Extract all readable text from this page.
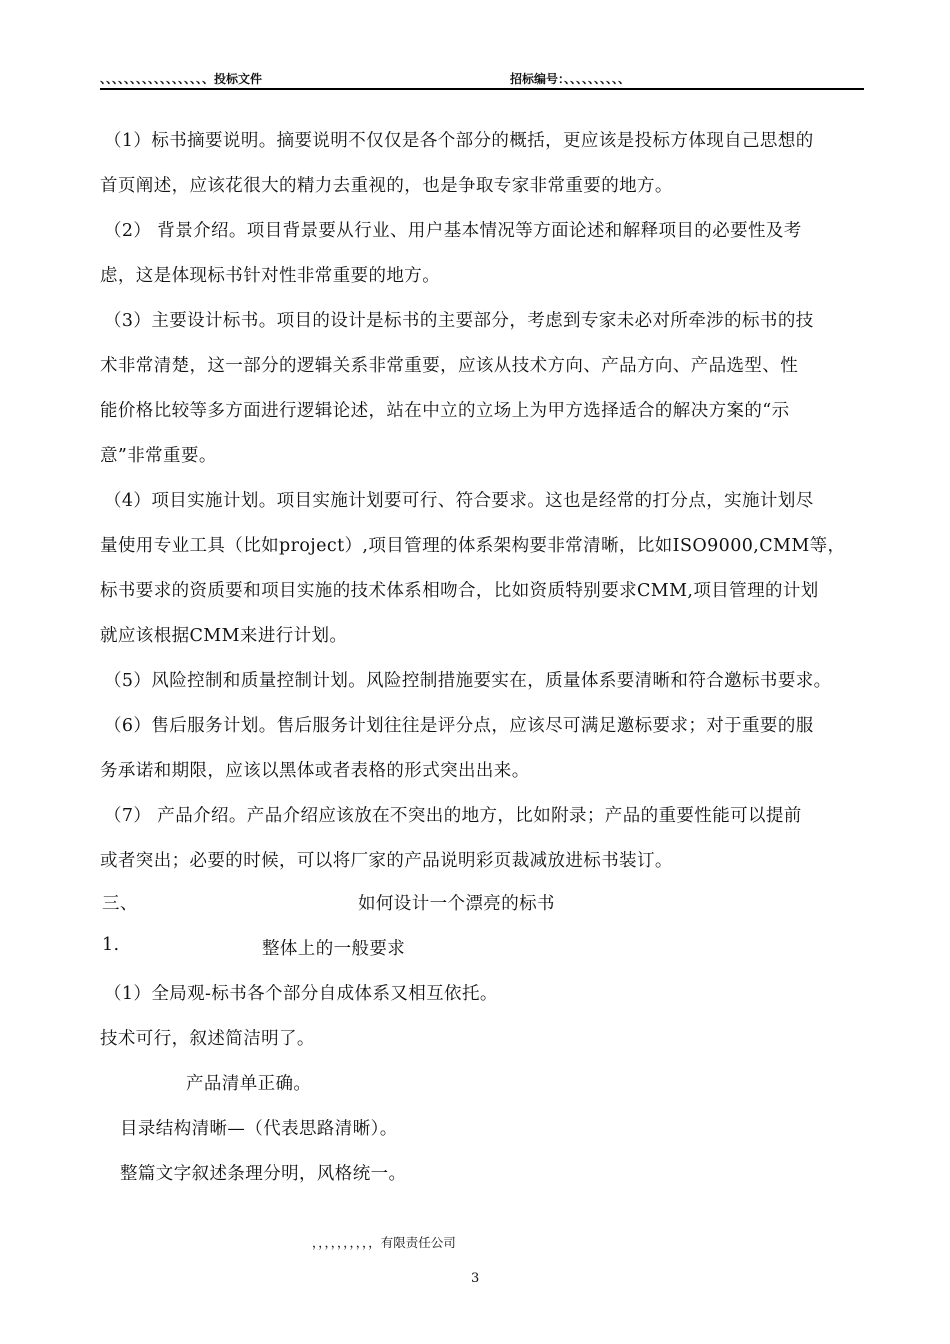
、、、、、、、、、、、、、、、、、、投标文件	招标编号：、、、、、、、、、、
（1）标书摘要说明。摘要说明不仅仅是各个部分的概括，更应该是投标方体现自己思想的
首页阐述，应该花很大的精力去重视的，也是争取专家非常重要的地方。
（2） 背景介绍。项目背景要从行业、用户基本情况等方面论述和解释项目的必要性及考
虑，这是体现标书针对性非常重要的地方。
（3）主要设计标书。项目的设计是标书的主要部分，考虑到专家未必对所牵涉的标书的技
术非常清楚，这一部分的逻辑关系非常重要，应该从技术方向、产品方向、产品选型、性
能价格比较等多方面进行逻辑论述，站在中立的立场上为甲方选择适合的解决方案的“示
意”非常重要。
（4）项目实施计划。项目实施计划要可行、符合要求。这也是经常的打分点，实施计划尽
量使用专业工具（比如project）,项目管理的体系架构要非常清晰，比如ISO9000,CMM等，
标书要求的资质要和项目实施的技术体系相吻合，比如资质特别要求CMM,项目管理的计划
就应该根据CMM来进行计划。
（5）风险控制和质量控制计划。风险控制措施要实在，质量体系要清晰和符合邀标书要求。
（6）售后服务计划。售后服务计划往往是评分点，应该尽可满足邀标要求；对于重要的服
务承诺和期限，应该以黑体或者表格的形式突出出来。
（7） 产品介绍。产品介绍应该放在不突出的地方，比如附录；产品的重要性能可以提前
或者突出；必要的时候，可以将厂家的产品说明彩页裁减放进标书装订。
三、	如何设计一个漂亮的标书
1.	整体上的一般要求
（1）全局观-标书各个部分自成体系又相互依托。
技术可行，叙述简洁明了。
产品清单正确。
目录结构清晰—（代表思路清晰）。
整篇文字叙述条理分明，风格统一。
，，，，，，，，，，有限责任公司
3
